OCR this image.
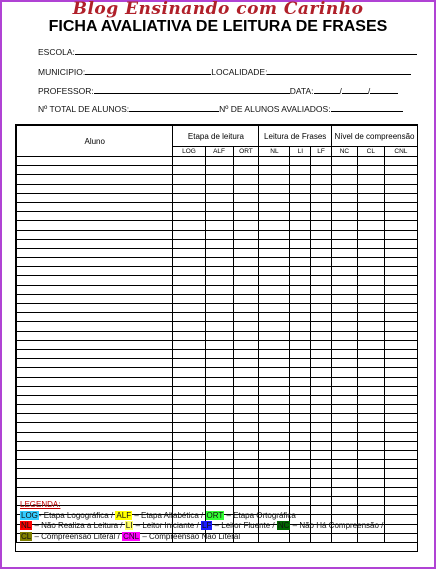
Blog Ensinando com Carinho
FICHA AVALIATIVA DE LEITURA DE FRASES
ESCOLA:
MUNICIPIO:	LOCALIDADE:
PROFESSOR:	DATA:	/	/
Nº TOTAL DE ALUNOS:	Nº DE ALUNOS AVALIADOS:
Aluno	Etapa de leitura			Leitura de Frases			Nível de compreensão		
	LOG	ALF	ORT	NL	LI	LF	NC	CL	CNL

LEGENDA:
LOG- Etapa Logográfica / ALF – Etapa Alfabética / ORT – Etapa Ortográfica
NL – Não Realiza a Leitura / LI – Leitor Iniciante / LF – Leitor Fluente / NC – Não Há Compreensão /
CL – Compreensão Literal / CNL – Compreensão Não Literal
